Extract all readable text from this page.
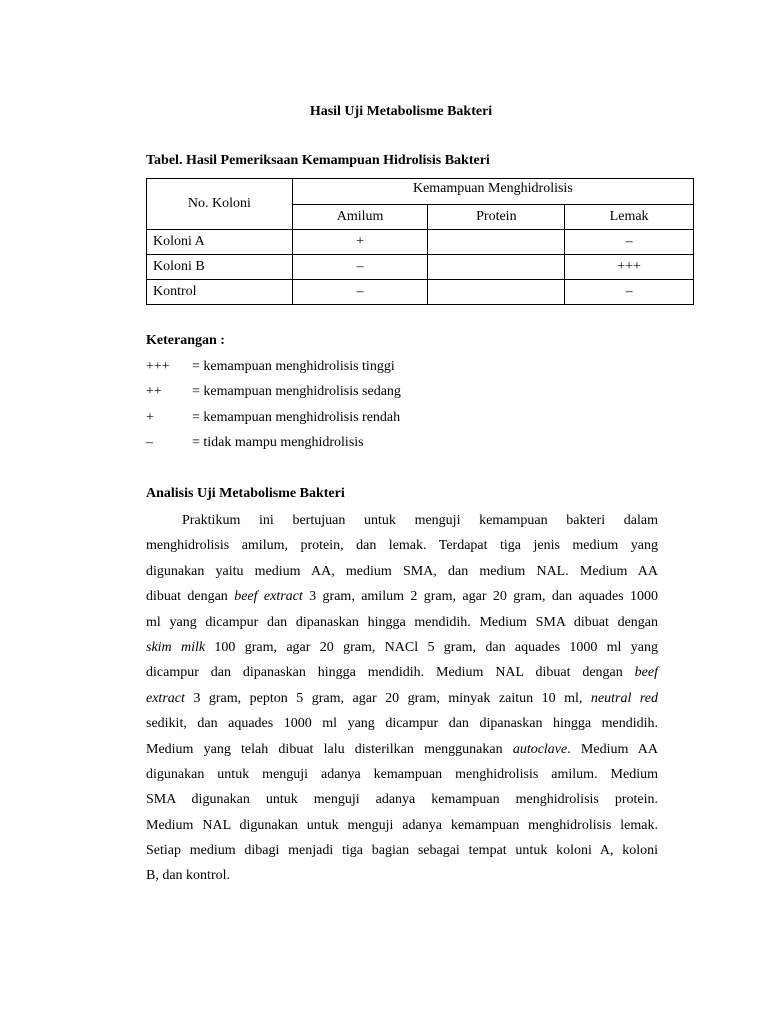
Hasil Uji Metabolisme Bakteri
Tabel. Hasil Pemeriksaan Kemampuan Hidrolisis Bakteri
No. Koloni	Kemampuan Menghidrolisis		
	Amilum	Protein	Lemak
Koloni A	+		–
Koloni B	–		+++
Kontrol	–		–
Keterangan :
+++ = kemampuan menghidrolisis tinggi
++ = kemampuan menghidrolisis sedang
+	= kemampuan menghidrolisis rendah
–	= tidak mampu menghidrolisis
Analisis Uji Metabolisme Bakteri
Praktikum ini bertujuan untuk menguji kemampuan bakteri dalam
menghidrolisis amilum, protein, dan lemak. Terdapat tiga jenis medium yang
digunakan yaitu medium AA, medium SMA, dan medium NAL. Medium AA
dibuat dengan beef extract 3 gram, amilum 2 gram, agar 20 gram, dan aquades 1000
ml yang dicampur dan dipanaskan hingga mendidih. Medium SMA dibuat dengan
skim milk 100 gram, agar 20 gram, NACl 5 gram, dan aquades 1000 ml yang
dicampur dan dipanaskan hingga mendidih. Medium NAL dibuat dengan beef
extract 3 gram, pepton 5 gram, agar 20 gram, minyak zaitun 10 ml, neutral red
sedikit, dan aquades 1000 ml yang dicampur dan dipanaskan hingga mendidih.
Medium yang telah dibuat lalu disterilkan menggunakan autoclave. Medium AA
digunakan untuk menguji adanya kemampuan menghidrolisis amilum. Medium
SMA digunakan untuk menguji adanya kemampuan menghidrolisis protein.
Medium NAL digunakan untuk menguji adanya kemampuan menghidrolisis lemak.
Setiap medium dibagi menjadi tiga bagian sebagai tempat untuk koloni A, koloni
B, dan kontrol.
